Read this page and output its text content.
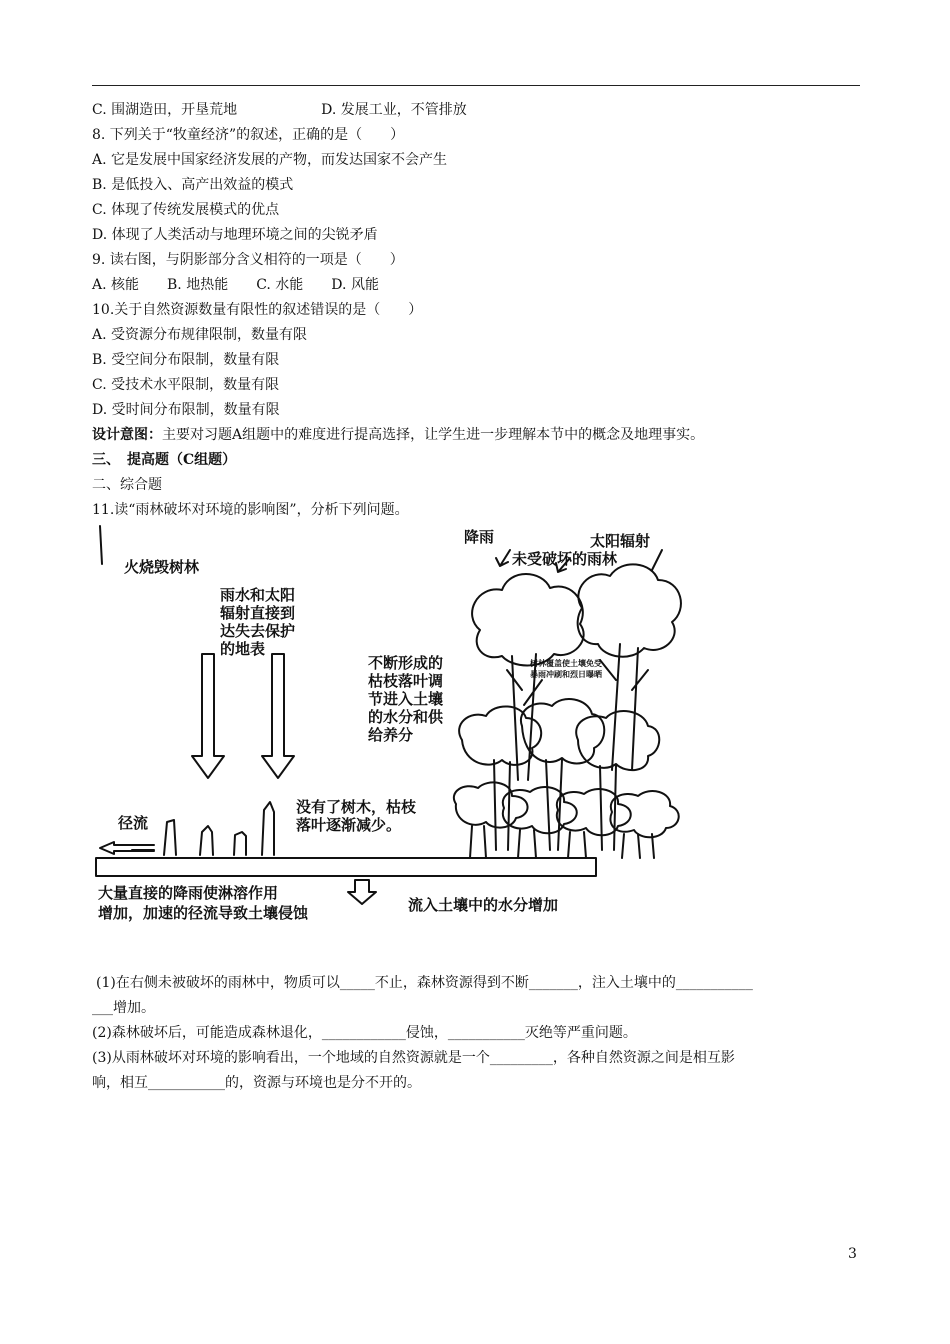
C. 围湖造田，开垦荒地　　　　　　D. 发展工业，不管排放
8. 下列关于“牧童经济”的叙述，正确的是（　　）
A. 它是发展中国家经济发展的产物，而发达国家不会产生
B. 是低投入、高产出效益的模式
C. 体现了传统发展模式的优点
D. 体现了人类活动与地理环境之间的尖锐矛盾
9. 读右图，与阴影部分含义相符的一项是（　　）
A. 核能　　B. 地热能　　C. 水能　　D. 风能
10.关于自然资源数量有限性的叙述错误的是（　　）
A. 受资源分布规律限制，数量有限
B. 受空间分布限制，数量有限
C. 受技术水平限制，数量有限
D. 受时间分布限制，数量有限
设计意图：主要对习题A组题中的难度进行提高选择，让学生进一步理解本节中的概念及地理事实。
三、　提高题（C组题）
二、综合题
11.读“雨林破坏对环境的影响图”，分析下列问题。
火烧毁树林
雨水和太阳
辐射直接到
达失去保护
的地表
降雨
未受破坏的雨林
太阳辐射
不断形成的
枯枝落叶调
节进入土壤
的水分和供
给养分
树林覆盖使土壤免受
暴雨冲刷和烈日曝晒
没有了树木，枯枝
落叶逐渐减少。
径流
大量直接的降雨使淋溶作用
增加，加速的径流导致土壤侵蚀	流入土壤中的水分增加
(1)在右侧未被破坏的雨林中，物质可以_____不止，森林资源得到不断_______，注入土壤中的___________
___增加。
(2)森林破坏后，可能造成森林退化，____________侵蚀，___________灭绝等严重问题。
(3)从雨林破坏对环境的影响看出，一个地域的自然资源就是一个_________，各种自然资源之间是相互影
响，相互___________的，资源与环境也是分不开的。
3
